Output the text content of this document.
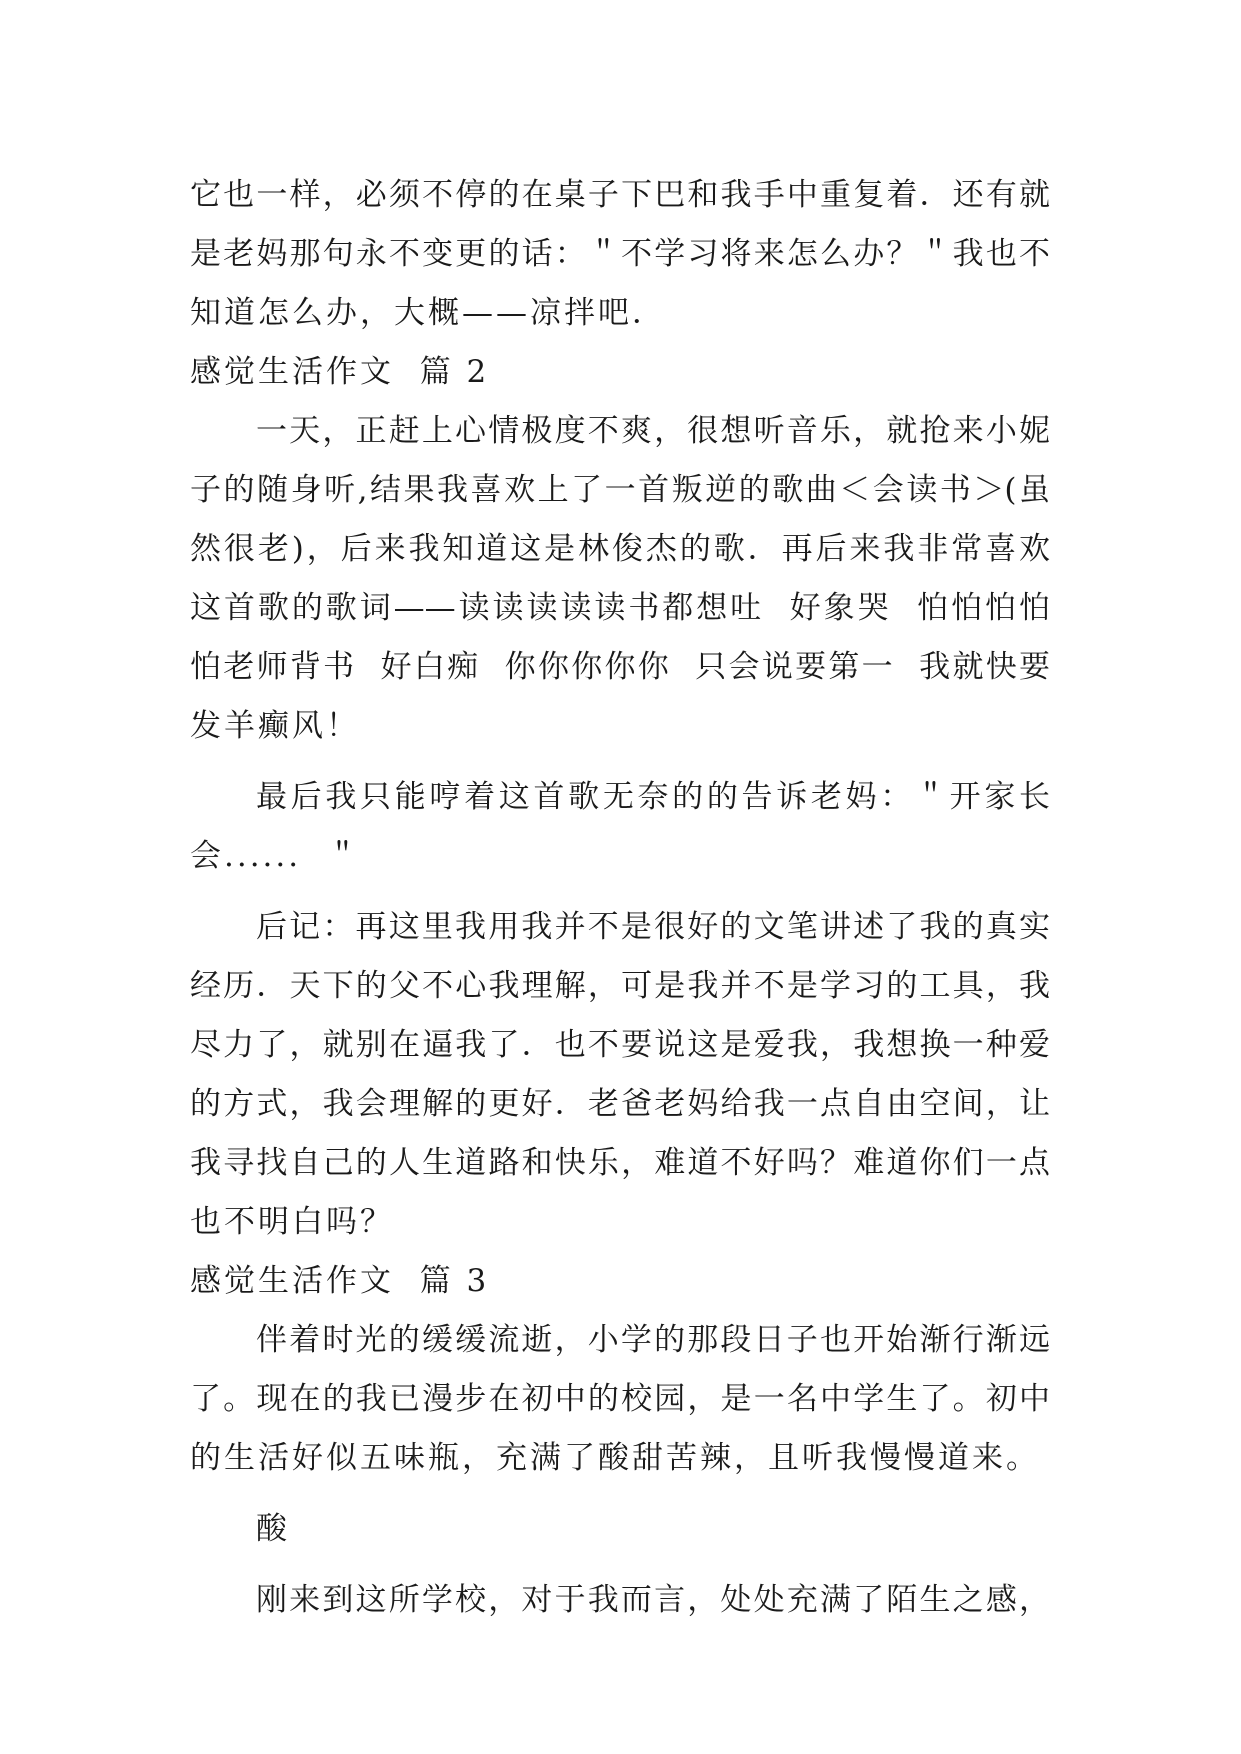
它也一样，必须不停的在桌子下巴和我手中重复着．还有就
是老妈那句永不变更的话：＂不学习将来怎么办？＂我也不
知道怎么办，大概——凉拌吧．
感觉生活作文  篇 2
一天，正赶上心情极度不爽，很想听音乐，就抢来小妮
子的随身听,结果我喜欢上了一首叛逆的歌曲＜会读书＞(虽
然很老)，后来我知道这是林俊杰的歌．再后来我非常喜欢
这首歌的歌词——读读读读读书都想吐  好象哭  怕怕怕怕
怕老师背书  好白痴  你你你你你  只会说要第一  我就快要
发羊癫风！
最后我只能哼着这首歌无奈的的告诉老妈：＂开家长
会......  ＂
后记：再这里我用我并不是很好的文笔讲述了我的真实
经历．天下的父不心我理解，可是我并不是学习的工具，我
尽力了，就别在逼我了．也不要说这是爱我，我想换一种爱
的方式，我会理解的更好．老爸老妈给我一点自由空间，让
我寻找自己的人生道路和快乐，难道不好吗？难道你们一点
也不明白吗？
感觉生活作文  篇 3
伴着时光的缓缓流逝，小学的那段日子也开始渐行渐远
了。现在的我已漫步在初中的校园，是一名中学生了。初中
的生活好似五味瓶，充满了酸甜苦辣，且听我慢慢道来。
酸
刚来到这所学校，对于我而言，处处充满了陌生之感，
